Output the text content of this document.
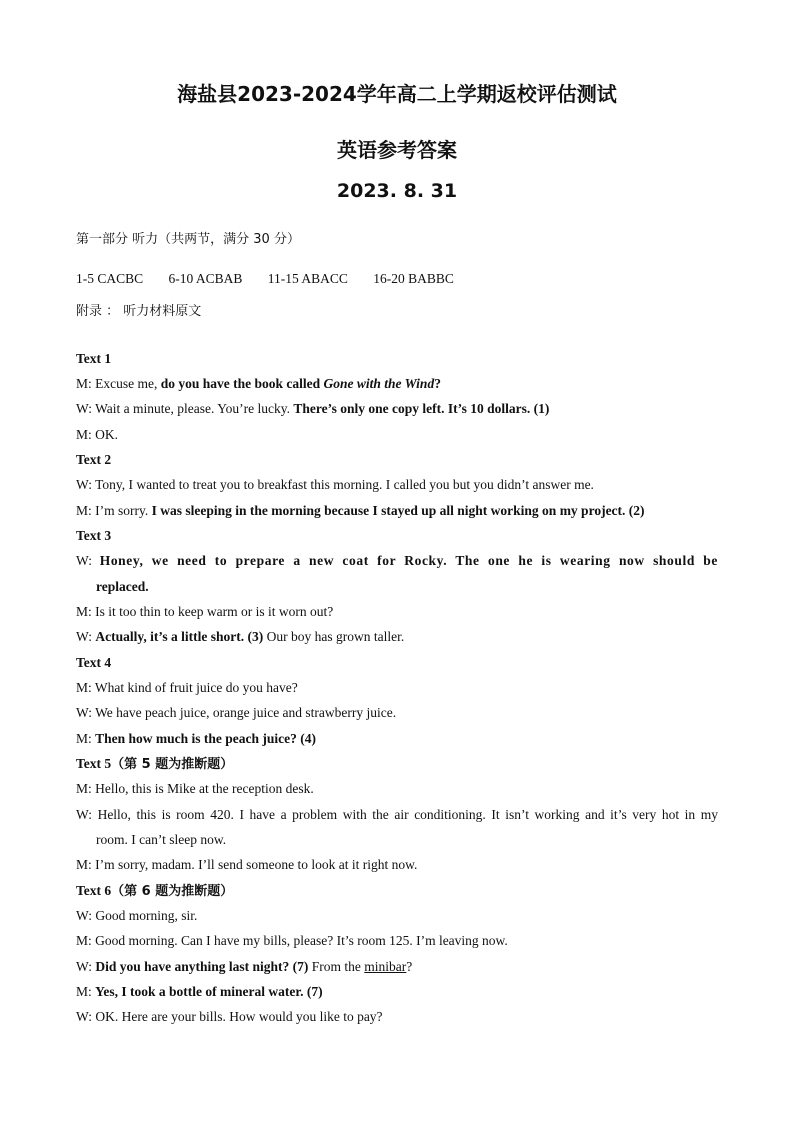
海盐县2023-2024学年高二上学期返校评估测试
英语参考答案
2023. 8. 31
第一部分 听力（共两节，满分 30 分）
1-5 CACBC 6-10 ACBAB 11-15 ABACC 16-20 BABBC
附录 ： 听力材料原文
Text 1
M: Excuse me, do you have the book called Gone with the Wind?
W: Wait a minute, please. You’re lucky. There’s only one copy left. It’s 10 dollars. (1)
M: OK.
Text 2
W: Tony, I wanted to treat you to breakfast this morning. I called you but you didn’t answer me.
M: I’m sorry. I was sleeping in the morning because I stayed up all night working on my project. (2)
Text 3
W: Honey, we need to prepare a new coat for Rocky. The one he is wearing now should be
replaced.
M: Is it too thin to keep warm or is it worn out?
W: Actually, it’s a little short. (3) Our boy has grown taller.
Text 4
M: What kind of fruit juice do you have?
W: We have peach juice, orange juice and strawberry juice.
M: Then how much is the peach juice? (4)
Text 5（第 5 题为推断题）
M: Hello, this is Mike at the reception desk.
W: Hello, this is room 420. I have a problem with the air conditioning. It isn’t working and it’s very hot in my
room. I can’t sleep now.
M: I’m sorry, madam. I’ll send someone to look at it right now.
Text 6（第 6 题为推断题）
W: Good morning, sir.
M: Good morning. Can I have my bills, please? It’s room 125. I’m leaving now.
W: Did you have anything last night? (7) From the minibar?
M: Yes, I took a bottle of mineral water. (7)
W: OK. Here are your bills. How would you like to pay?
